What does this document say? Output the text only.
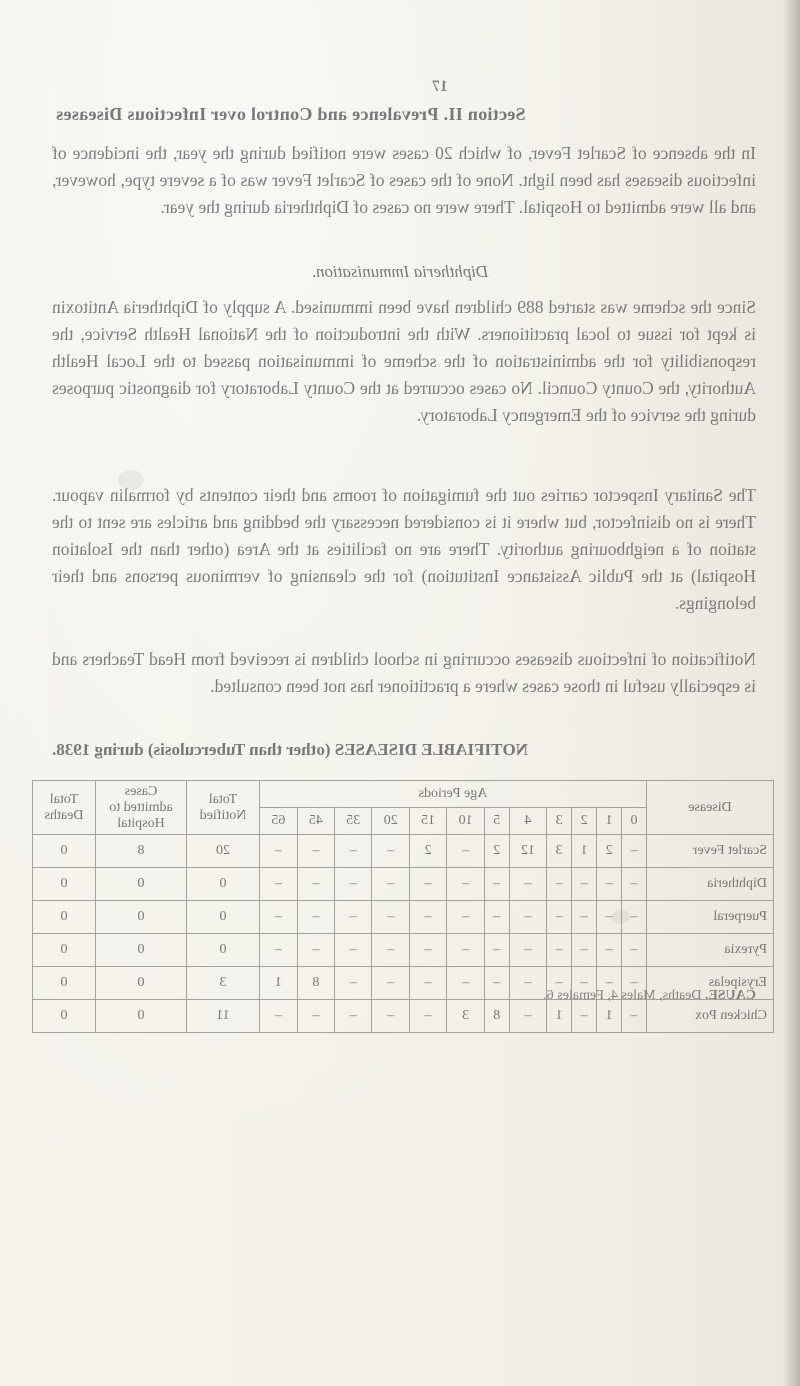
17
Section II. Prevalence and Control over Infectious Diseases
In the absence of Scarlet Fever, of which 20 cases were notified during the year, the incidence of infectious diseases has been light. None of the cases of Scarlet Fever was of a severe type, however, and all were admitted to Hospital. There were no cases of Diphtheria during the year.
Diphtheria Immunisation.
Since the scheme was started 889 children have been immunised. A supply of Diphtheria Antitoxin is kept for issue to local practitioners. With the introduction of the National Health Service, the responsibility for the administration of the scheme of immunisation passed to the Local Health Authority, the County Council. No cases occurred at the County Laboratory for diagnostic purposes during the service of the Emergency Laboratory.
The Sanitary Inspector carries out the fumigation of rooms and their contents by formalin vapour. There is no disinfector, but where it is considered necessary the bedding and articles are sent to the station of a neighbouring authority. There are no facilities at the Area (other than the Isolation Hospital) at the Public Assistance Institution) for the cleansing of verminous persons and their belongings.
Notification of infectious diseases occurring in school children is received from Head Teachers and is especially useful in those cases where a practitioner has not been consulted.
NOTIFIABLE DISEASES (other than Tuberculosis) during 1938.
Disease	Age Periods												Total Notified	Cases admitted to Hospital	Total Deaths
	0	1	2	3	4	5	10	15	20	35	45	65			
Scarlet Fever	–	2	1	3	12	2	–	2	–	–	–	–	20	8	0
Diphtheria	–	–	–	–	–	–	–	–	–	–	–	–	0	0	0
Puerperal	–	–	–	–	–	–	–	–	–	–	–	–	0	0	0
Pyrexia	–	–	–	–	–	–	–	–	–	–	–	–	0	0	0
Erysipelas	–	–	–	–	–	–	–	–	–	–	8	1	3	0	0
Chicken Pox	–	1	–	1	–	8	3	–	–	–	–	–	11	0	0
CAUSE. Deaths, Males 4, Females 6.
